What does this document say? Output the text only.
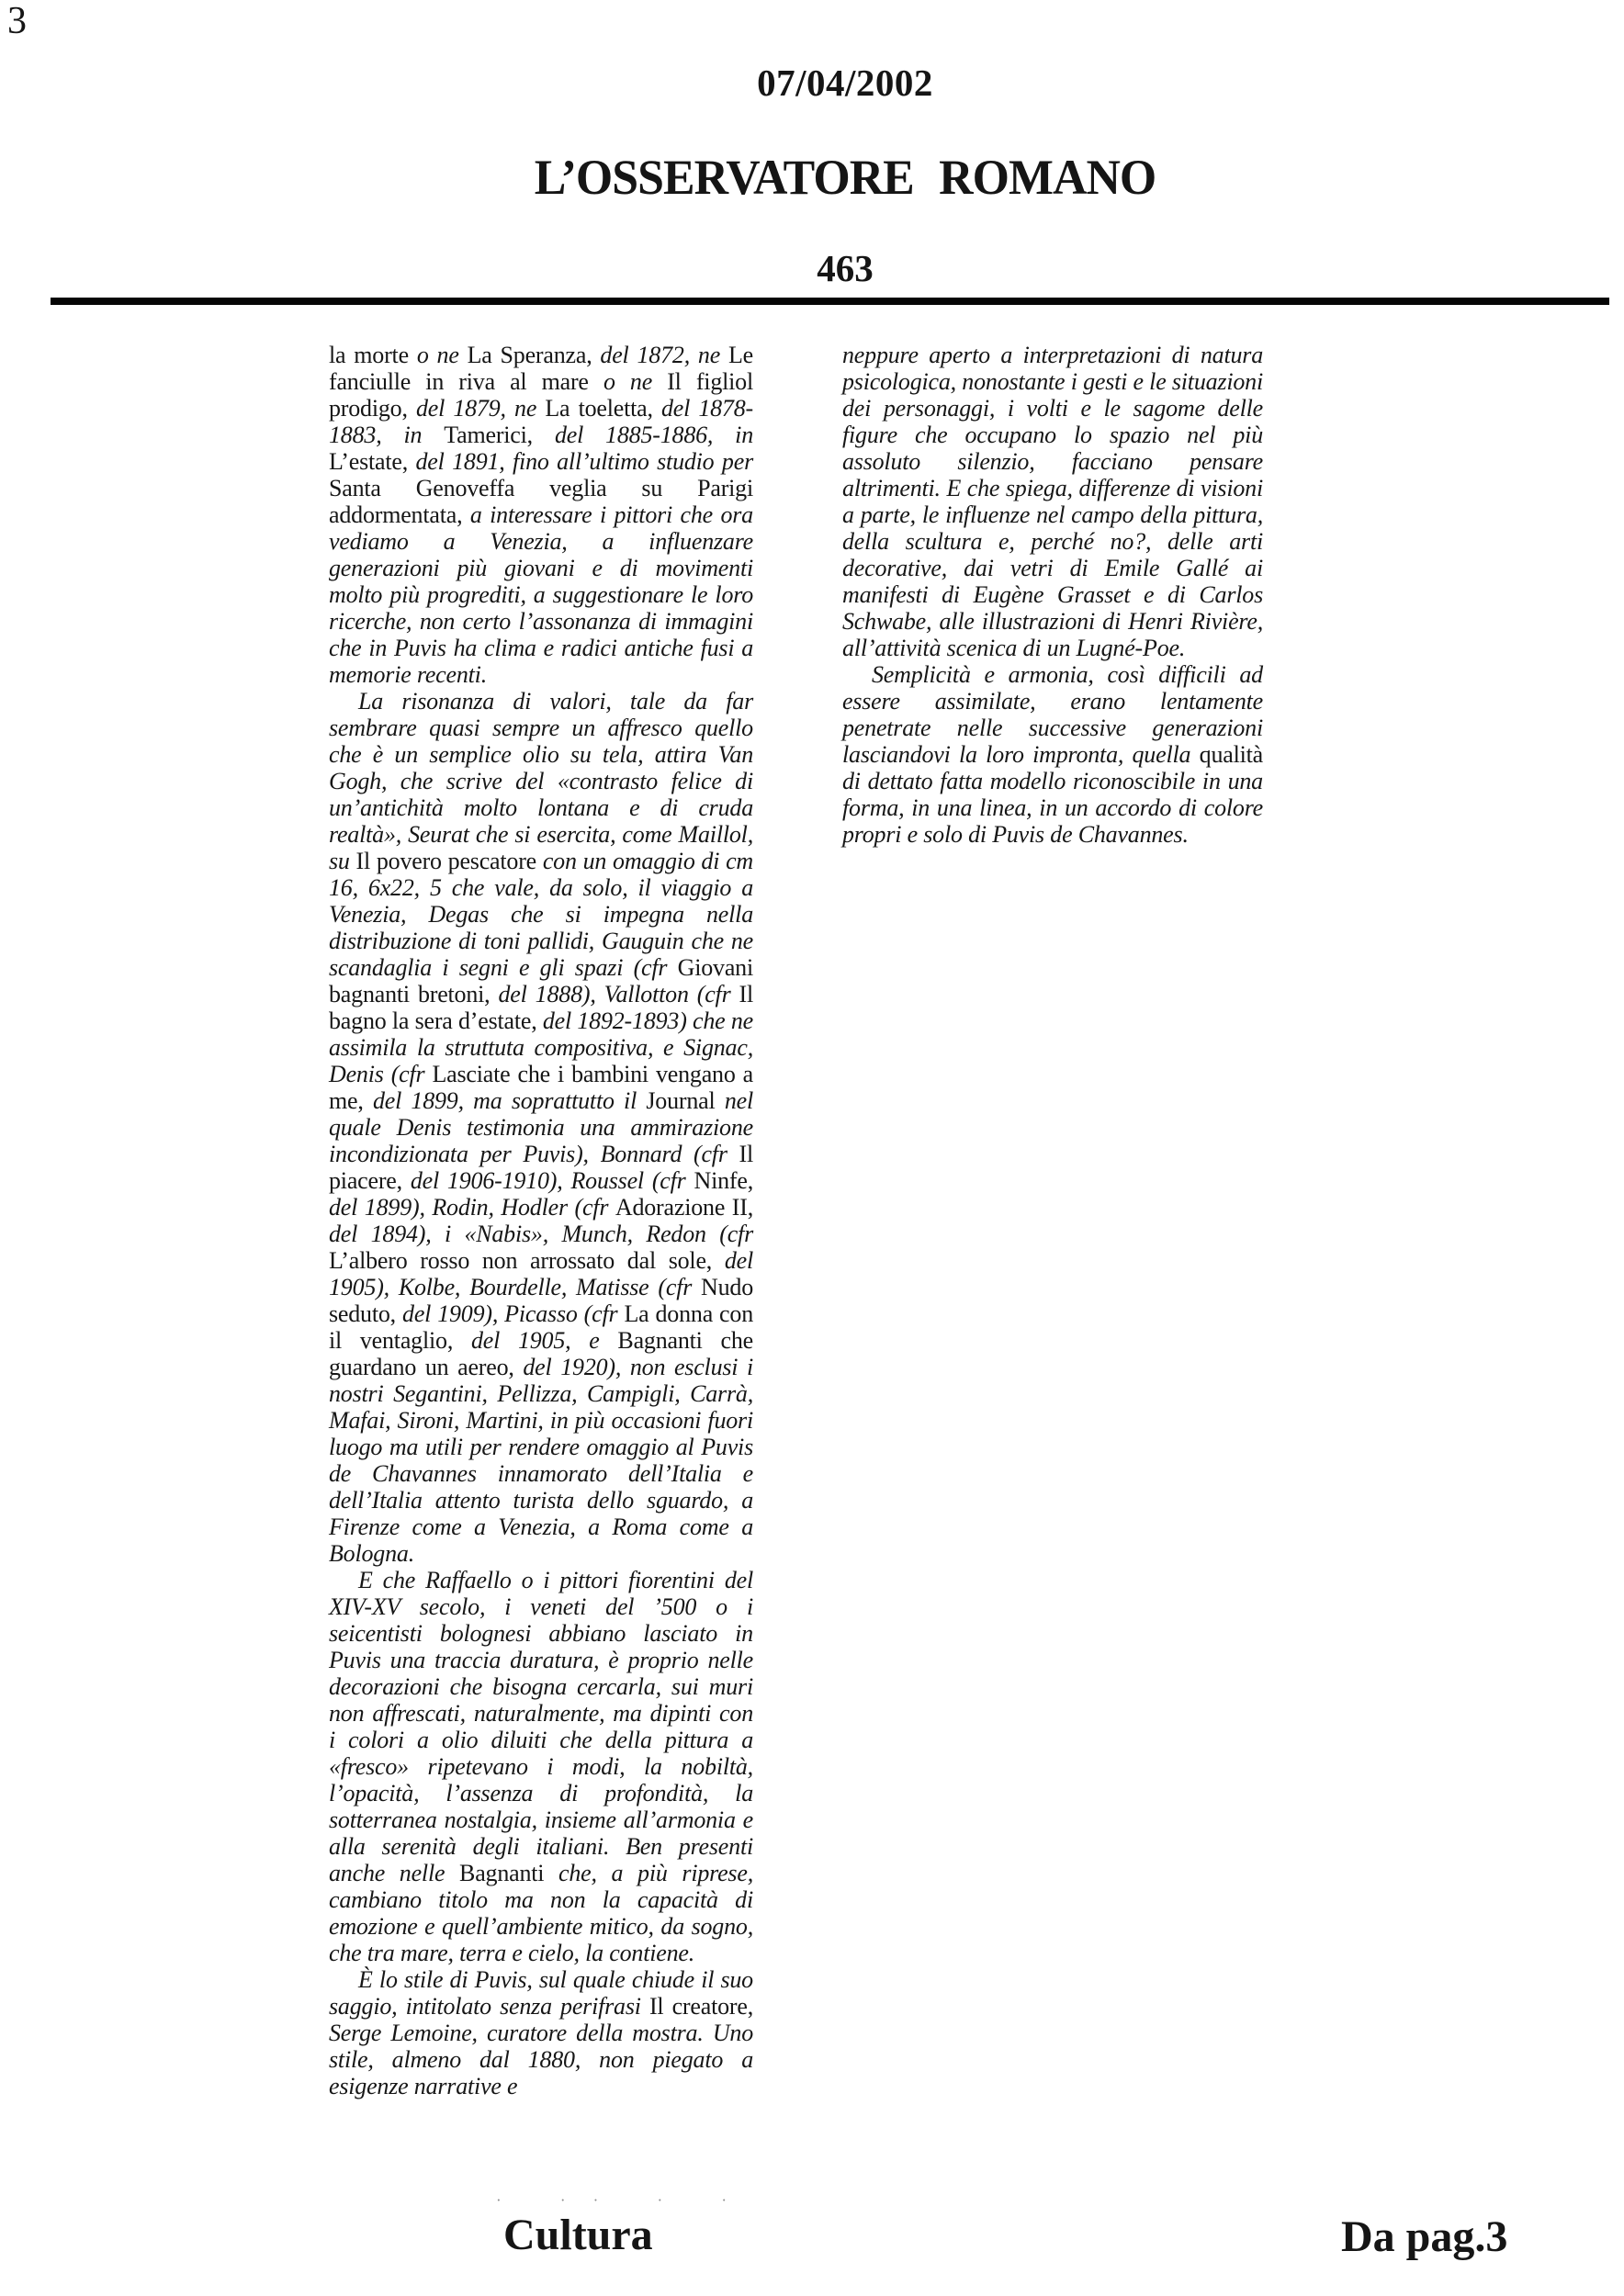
3
07/04/2002
L’OSSERVATORE ROMANO
463

la morte o ne La Speranza, del 1872, ne Le fanciulle in riva al mare o ne Il figliol prodigo, del 1879, ne La toeletta, del 1878-1883, in Tamerici, del 1885-1886, in L’estate, del 1891, fino all’ultimo studio per Santa Genoveffa veglia su Parigi addormentata, a interessare i pittori che ora vediamo a Venezia, a influenzare generazioni più giovani e di movimenti molto più progrediti, a suggestionare le loro ricerche, non certo l’assonanza di immagini che in Puvis ha clima e radici antiche fusi a memorie recenti.

La risonanza di valori, tale da far sembrare quasi sempre un affresco quello che è un semplice olio su tela, attira Van Gogh, che scrive del «contrasto felice di un’antichità molto lontana e di cruda realtà», Seurat che si esercita, come Maillol, su Il povero pescatore con un omaggio di cm 16, 6x22, 5 che vale, da solo, il viaggio a Venezia, Degas che si impegna nella distribuzione di toni pallidi, Gauguin che ne scandaglia i segni e gli spazi (cfr Giovani bagnanti bretoni, del 1888), Vallotton (cfr Il bagno la sera d’estate, del 1892-1893) che ne assimila la struttuta compositiva, e Signac, Denis (cfr Lasciate che i bambini vengano a me, del 1899, ma soprattutto il Journal nel quale Denis testimonia una ammirazione incondizionata per Puvis), Bonnard (cfr Il piacere, del 1906-1910), Roussel (cfr Ninfe, del 1899), Rodin, Hodler (cfr Adorazione II, del 1894), i «Nabis», Munch, Redon (cfr L’albero rosso non arrossato dal sole, del 1905), Kolbe, Bourdelle, Matisse (cfr Nudo seduto, del 1909), Picasso (cfr La donna con il ventaglio, del 1905, e Bagnanti che guardano un aereo, del 1920), non esclusi i nostri Segantini, Pellizza, Campigli, Carrà, Mafai, Sironi, Martini, in più occasioni fuori luogo ma utili per rendere omaggio al Puvis de Chavannes innamorato dell’Italia e dell’Italia attento turista dello sguardo, a Firenze come a Venezia, a Roma come a Bologna.

E che Raffaello o i pittori fiorentini del XIV-XV secolo, i veneti del ’500 o i seicentisti bolognesi abbiano lasciato in Puvis una traccia duratura, è proprio nelle decorazioni che bisogna cercarla, sui muri non affrescati, naturalmente, ma dipinti con i colori a olio diluiti che della pittura a «fresco» ripetevano i modi, la nobiltà, l’opacità, l’assenza di profondità, la sotterranea nostalgia, insieme all’armonia e alla serenità degli italiani. Ben presenti anche nelle Bagnanti che, a più riprese, cambiano titolo ma non la capacità di emozione e quell’ambiente mitico, da sogno, che tra mare, terra e cielo, la contiene.

È lo stile di Puvis, sul quale chiude il suo saggio, intitolato senza perifrasi Il creatore, Serge Lemoine, curatore della mostra. Uno stile, almeno dal 1880, non piegato a esigenze narrative e

neppure aperto a interpretazioni di natura psicologica, nonostante i gesti e le situazioni dei personaggi, i volti e le sagome delle figure che occupano lo spazio nel più assoluto silenzio, facciano pensare altrimenti. E che spiega, differenze di visioni a parte, le influenze nel campo della pittura, della scultura e, perché no?, delle arti decorative, dai vetri di Emile Gallé ai manifesti di Eugène Grasset e di Carlos Schwabe, alle illustrazioni di Henri Rivière, all’attività scenica di un Lugné-Poe.

Semplicità e armonia, così difficili ad essere assimilate, erano lentamente penetrate nelle successive generazioni lasciandovi la loro impronta, quella qualità di dettato fatta modello riconoscibile in una forma, in una linea, in un accordo di colore propri e solo di Puvis de Chavannes.

· ·· · ·
Cultura	Da pag.3
